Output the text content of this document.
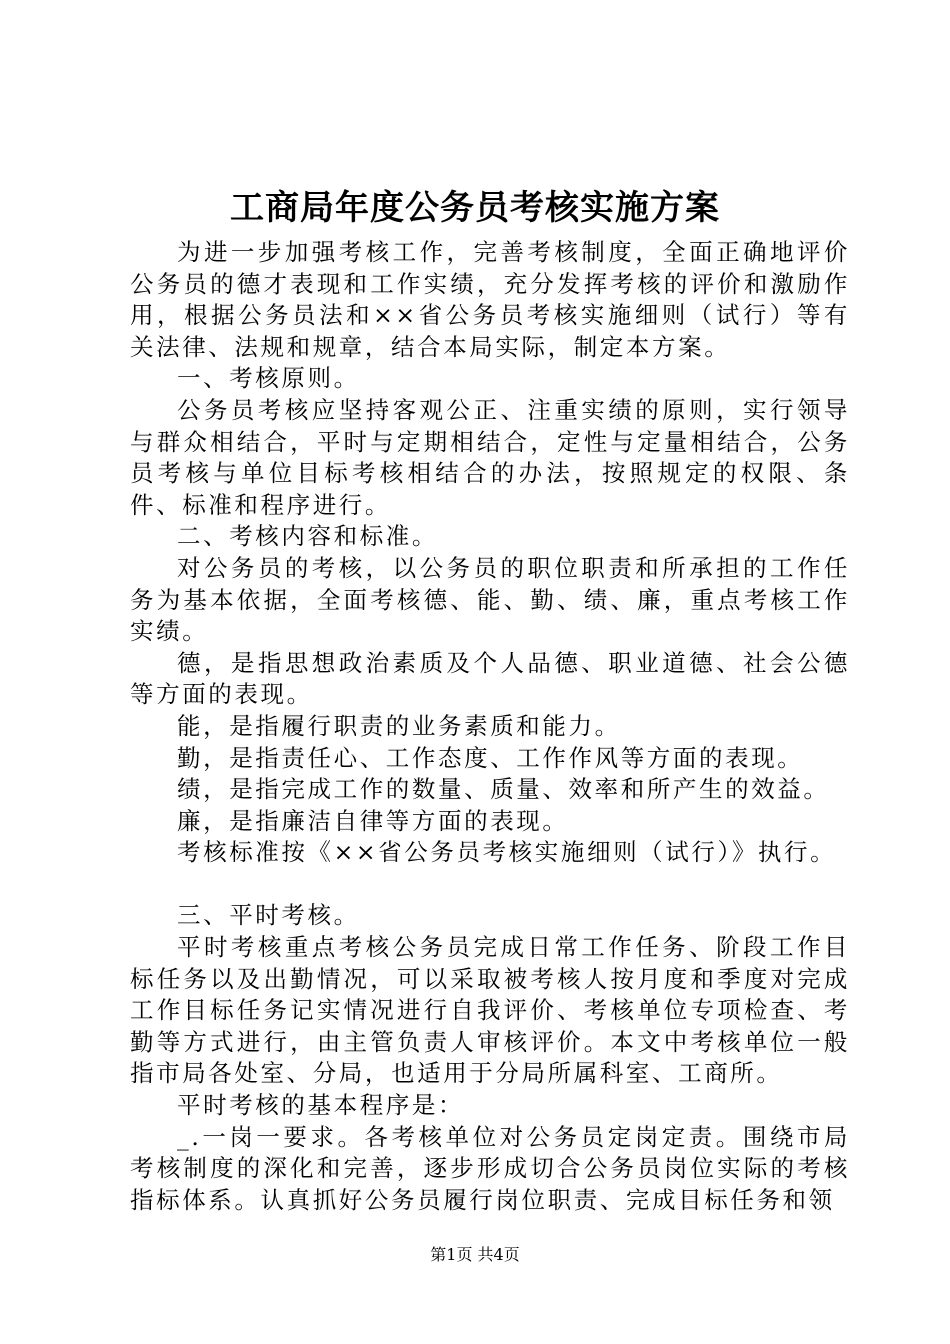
工商局年度公务员考核实施方案

为进一步加强考核工作，完善考核制度，全面正确地评价公务员的德才表现和工作实绩，充分发挥考核的评价和激励作用，根据公务员法和××省公务员考核实施细则（试行）等有关法律、法规和规章，结合本局实际，制定本方案。

一、考核原则。

公务员考核应坚持客观公正、注重实绩的原则，实行领导与群众相结合，平时与定期相结合，定性与定量相结合，公务员考核与单位目标考核相结合的办法，按照规定的权限、条件、标准和程序进行。

二、考核内容和标准。

对公务员的考核，以公务员的职位职责和所承担的工作任务为基本依据，全面考核德、能、勤、绩、廉，重点考核工作实绩。

德，是指思想政治素质及个人品德、职业道德、社会公德等方面的表现。

能，是指履行职责的业务素质和能力。

勤，是指责任心、工作态度、工作作风等方面的表现。

绩，是指完成工作的数量、质量、效率和所产生的效益。

廉，是指廉洁自律等方面的表现。

考核标准按《××省公务员考核实施细则（试行）》执行。

三、平时考核。

平时考核重点考核公务员完成日常工作任务、阶段工作目标任务以及出勤情况，可以采取被考核人按月度和季度对完成工作目标任务记实情况进行自我评价、考核单位专项检查、考勤等方式进行，由主管负责人审核评价。本文中考核单位一般指市局各处室、分局，也适用于分局所属科室、工商所。

平时考核的基本程序是：

_.一岗一要求。各考核单位对公务员定岗定责。围绕市局考核制度的深化和完善，逐步形成切合公务员岗位实际的考核指标体系。认真抓好公务员履行岗位职责、完成目标任务和领

第1页 共4页
